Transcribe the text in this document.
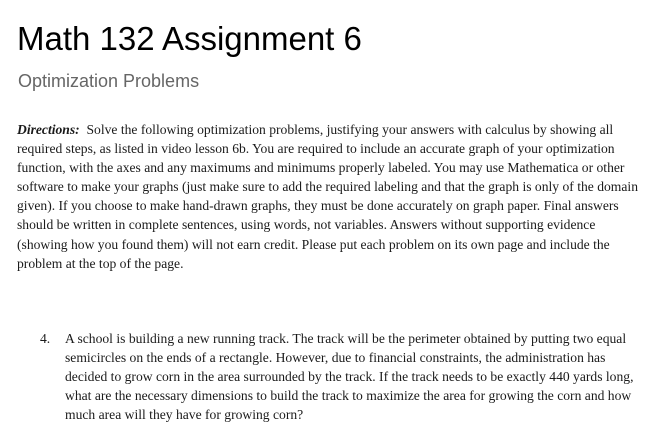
Math 132 Assignment 6
Optimization Problems

Directions: Solve the following optimization problems, justifying your answers with calculus by showing all required steps, as listed in video lesson 6b. You are required to include an accurate graph of your optimization function, with the axes and any maximums and minimums properly labeled. You may use Mathematica or other software to make your graphs (just make sure to add the required labeling and that the graph is only of the domain given). If you choose to make hand-drawn graphs, they must be done accurately on graph paper. Final answers should be written in complete sentences, using words, not variables. Answers without supporting evidence (showing how you found them) will not earn credit. Please put each problem on its own page and include the problem at the top of the page.

4.	A school is building a new running track. The track will be the perimeter obtained by putting two equal semicircles on the ends of a rectangle. However, due to financial constraints, the administration has decided to grow corn in the area surrounded by the track. If the track needs to be exactly 440 yards long, what are the necessary dimensions to build the track to maximize the area for growing the corn and how much area will they have for growing corn?
